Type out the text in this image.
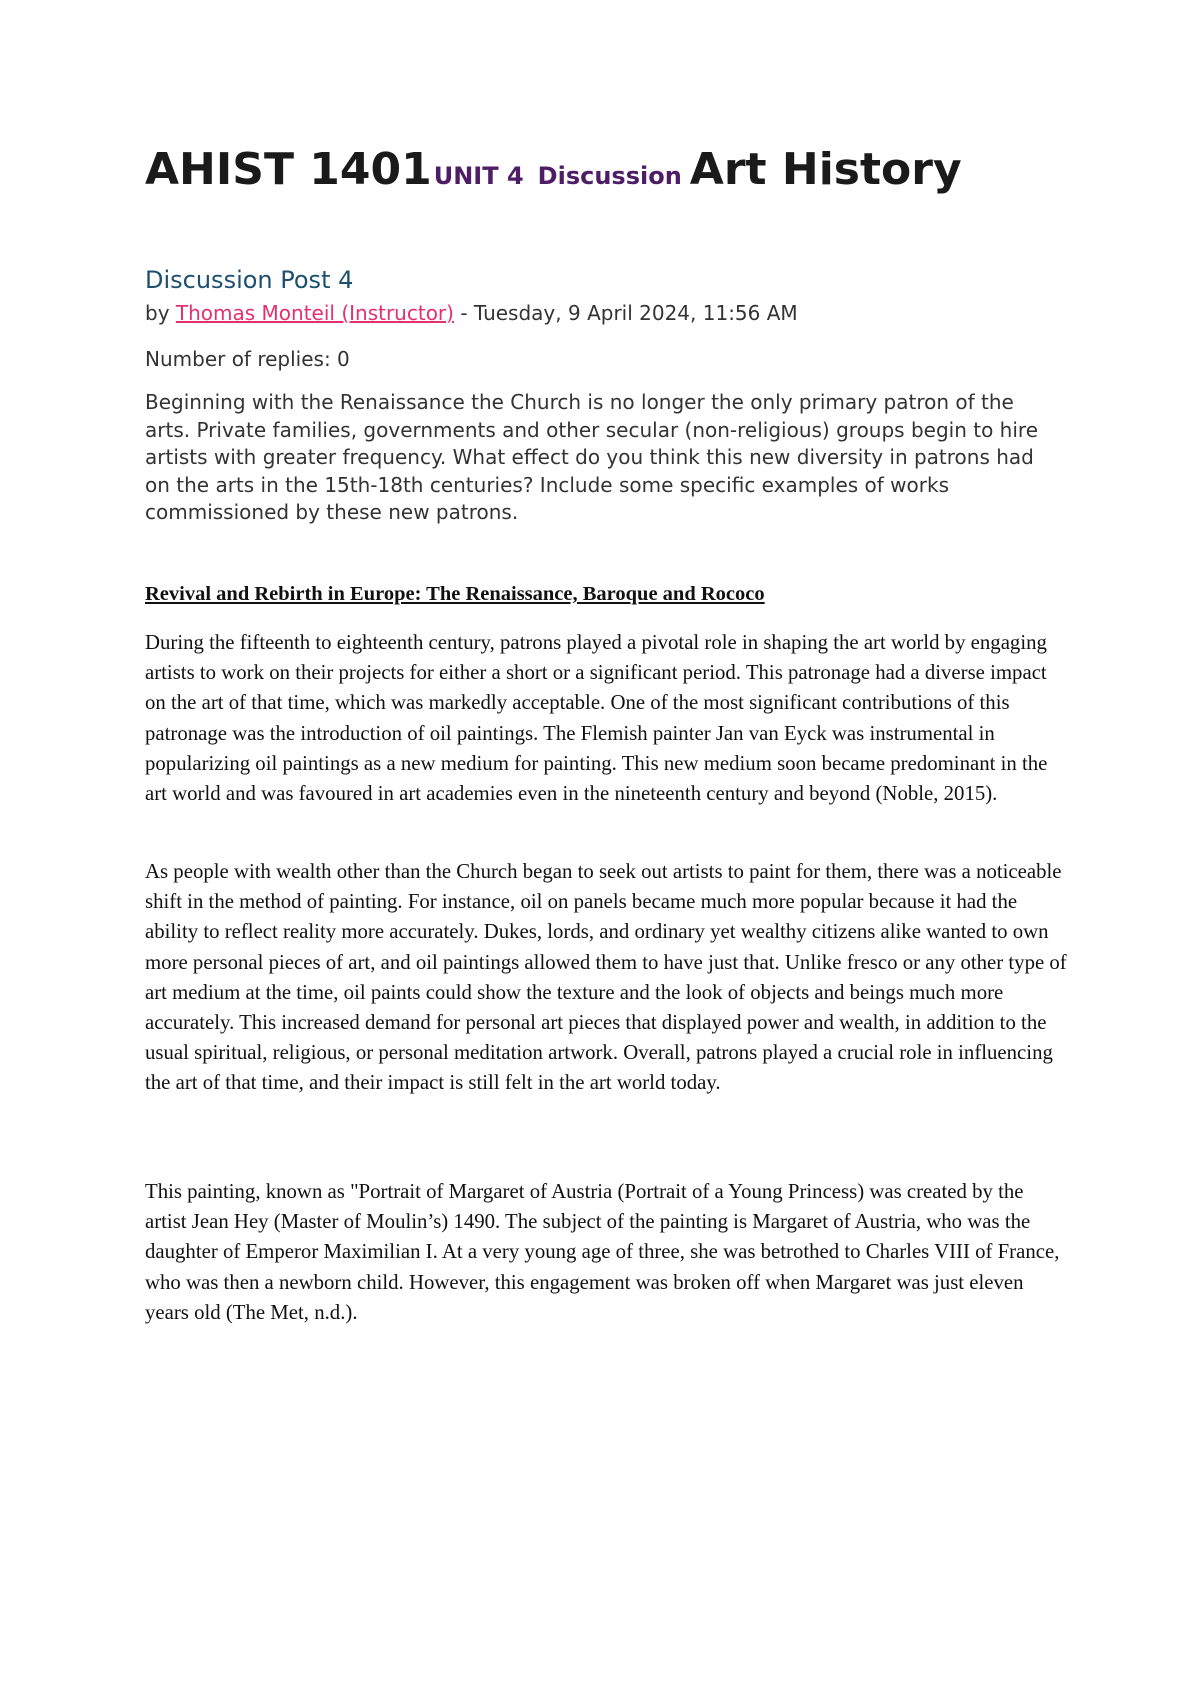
AHIST 1401UNIT 4 Discussion Art History
Discussion Post 4
by Thomas Monteil (Instructor) - Tuesday, 9 April 2024, 11:56 AM
Number of replies: 0

Beginning with the Renaissance the Church is no longer the only primary patron of the arts. Private families, governments and other secular (non-religious) groups begin to hire artists with greater frequency. What effect do you think this new diversity in patrons had on the arts in the 15th-18th centuries? Include some specific examples of works commissioned by these new patrons.

Revival and Rebirth in Europe: The Renaissance, Baroque and Rococo

During the fifteenth to eighteenth century, patrons played a pivotal role in shaping the art world by engaging artists to work on their projects for either a short or a significant period. This patronage had a diverse impact on the art of that time, which was markedly acceptable. One of the most significant contributions of this patronage was the introduction of oil paintings. The Flemish painter Jan van Eyck was instrumental in popularizing oil paintings as a new medium for painting. This new medium soon became predominant in the art world and was favoured in art academies even in the nineteenth century and beyond (Noble, 2015).

As people with wealth other than the Church began to seek out artists to paint for them, there was a noticeable shift in the method of painting. For instance, oil on panels became much more popular because it had the ability to reflect reality more accurately. Dukes, lords, and ordinary yet wealthy citizens alike wanted to own more personal pieces of art, and oil paintings allowed them to have just that. Unlike fresco or any other type of art medium at the time, oil paints could show the texture and the look of objects and beings much more accurately. This increased demand for personal art pieces that displayed power and wealth, in addition to the usual spiritual, religious, or personal meditation artwork. Overall, patrons played a crucial role in influencing the art of that time, and their impact is still felt in the art world today.

This painting, known as "Portrait of Margaret of Austria (Portrait of a Young Princess) was created by the artist Jean Hey (Master of Moulin’s) 1490. The subject of the painting is Margaret of Austria, who was the daughter of Emperor Maximilian I. At a very young age of three, she was betrothed to Charles VIII of France, who was then a newborn child. However, this engagement was broken off when Margaret was just eleven years old (The Met, n.d.).
